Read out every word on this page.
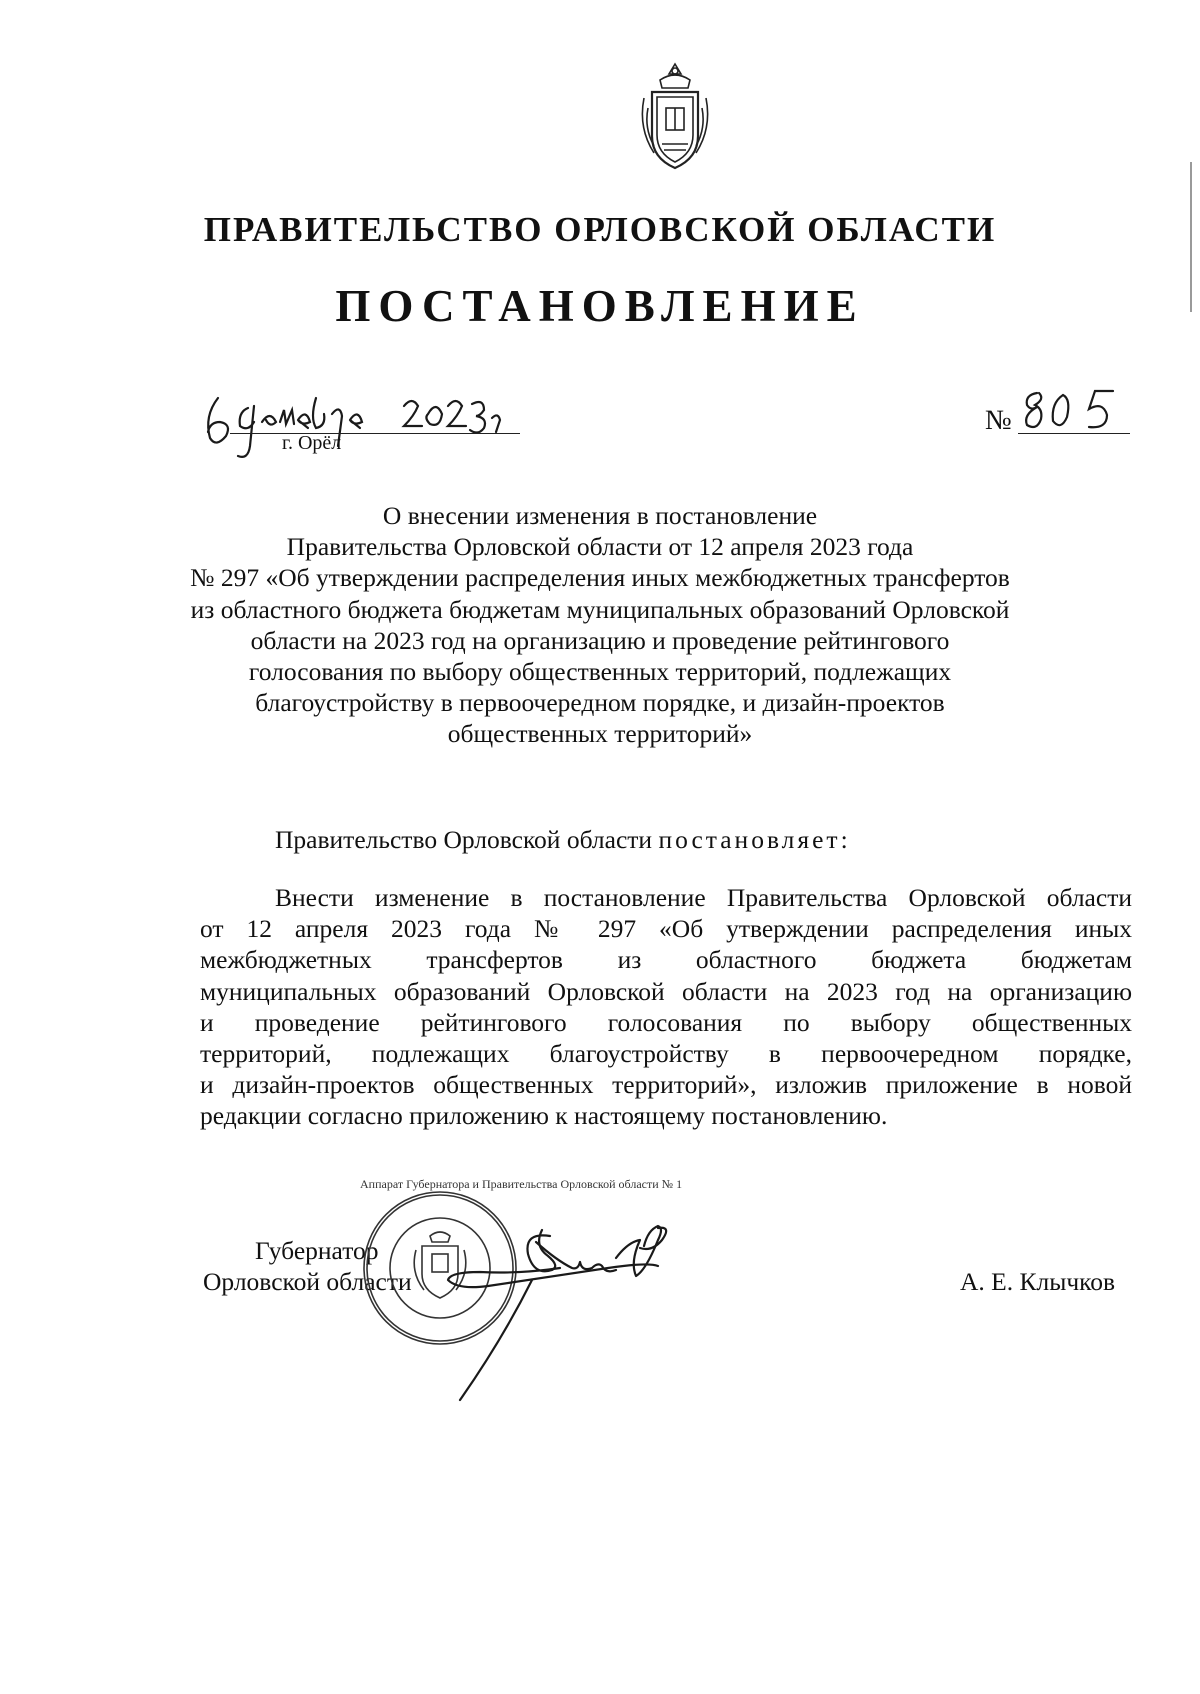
ПРАВИТЕЛЬСТВО ОРЛОВСКОЙ ОБЛАСТИ
ПОСТАНОВЛЕНИЕ
г. Орёл
№
О внесении изменения в постановление
Правительства Орловской области от 12 апреля 2023 года
№ 297 «Об утверждении распределения иных межбюджетных трансфертов
из областного бюджета бюджетам муниципальных образований Орловской
области на 2023 год на организацию и проведение рейтингового
голосования по выбору общественных территорий, подлежащих
благоустройству в первоочередном порядке, и дизайн-проектов
общественных территорий»
Правительство Орловской области постановляет:
Внести изменение в постановление Правительства Орловской области
от 12 апреля 2023 года № 297 «Об утверждении распределения иных
межбюджетных трансфертов из областного бюджета бюджетам
муниципальных образований Орловской области на 2023 год на организацию
и проведение рейтингового голосования по выбору общественных
территорий, подлежащих благоустройству в первоочередном порядке,
и дизайн-проектов общественных территорий», изложив приложение в новой
редакции согласно приложению к настоящему постановлению.
Губернатор
Орловской области	А. Е. Клычков
Аппарат Губернатора и Правительства Орловской области № 1
